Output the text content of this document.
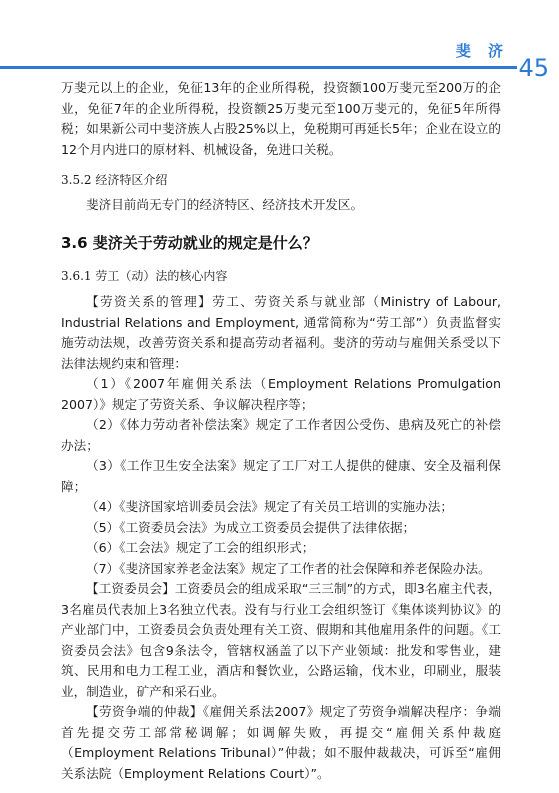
斐 济
45

万斐元以上的企业，免征13年的企业所得税，投资额100万斐元至200万的企业，免征7年的企业所得税，投资额25万斐元至100万斐元的，免征5年所得税；如果新公司中斐济族人占股25%以上，免税期可再延长5年；企业在设立的12个月内进口的原材料、机械设备，免进口关税。

3.5.2 经济特区介绍

斐济目前尚无专门的经济特区、经济技术开发区。

3.6 斐济关于劳动就业的规定是什么？

3.6.1 劳工（动）法的核心内容

【劳资关系的管理】劳工、劳资关系与就业部（Ministry of Labour, Industrial Relations and Employment, 通常简称为“劳工部”）负责监督实施劳动法规，改善劳资关系和提高劳动者福利。斐济的劳动与雇佣关系受以下法律法规约束和管理：

（1）《2007年雇佣关系法（Employment Relations Promulgation 2007）》规定了劳资关系、争议解决程序等；

（2）《体力劳动者补偿法案》规定了工作者因公受伤、患病及死亡的补偿办法；

（3）《工作卫生安全法案》规定了工厂对工人提供的健康、安全及福利保障；

（4）《斐济国家培训委员会法》规定了有关员工培训的实施办法；

（5）《工资委员会法》为成立工资委员会提供了法律依据；

（6）《工会法》规定了工会的组织形式；

（7）《斐济国家养老金法案》规定了工作者的社会保障和养老保险办法。

【工资委员会】工资委员会的组成采取“三三制”的方式，即3名雇主代表，3名雇员代表加上3名独立代表。没有与行业工会组织签订《集体谈判协议》的产业部门中，工资委员会负责处理有关工资、假期和其他雇用条件的问题。《工资委员会法》包含9条法令，管辖权涵盖了以下产业领域：批发和零售业，建筑、民用和电力工程工业，酒店和餐饮业，公路运输，伐木业，印刷业，服装业，制造业，矿产和采石业。

【劳资争端的仲裁】《雇佣关系法2007》规定了劳资争端解决程序：争端首先提交劳工部常秘调解；如调解失败，再提交“雇佣关系仲裁庭（Employment Relations Tribunal）”仲裁；如不服仲裁裁决，可诉至“雇佣关系法院（Employment Relations Court）”。
